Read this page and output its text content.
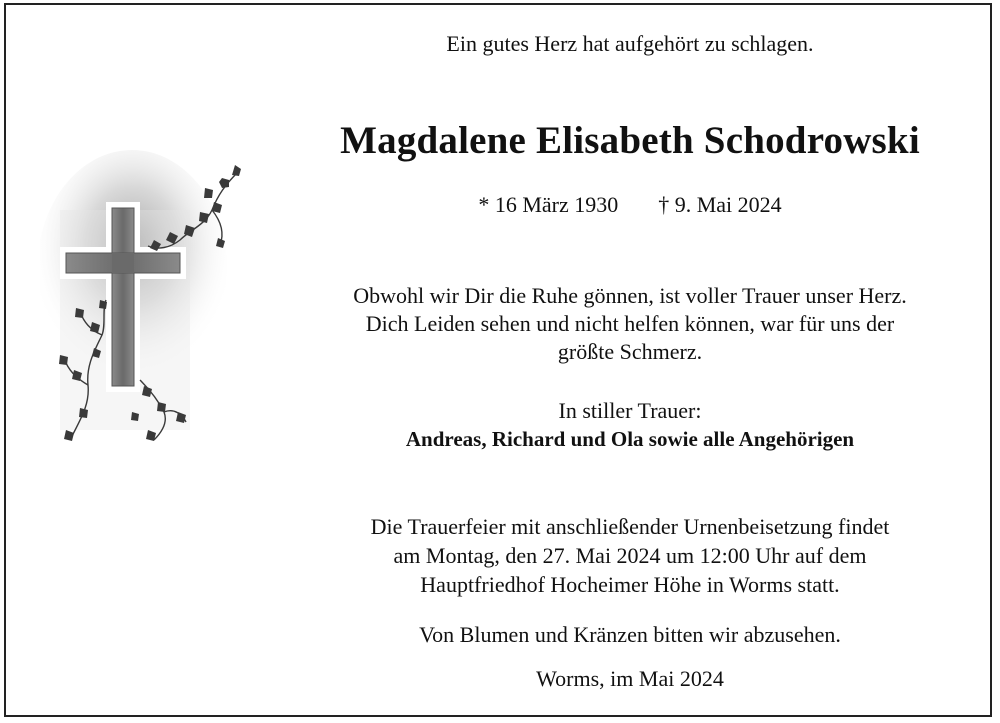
Ein gutes Herz hat aufgehört zu schlagen.
Magdalene Elisabeth Schodrowski
* 16 März 1930 † 9. Mai 2024
Obwohl wir Dir die Ruhe gönnen, ist voller Trauer unser Herz.
Dich Leiden sehen und nicht helfen können, war für uns der
größte Schmerz.
In stiller Trauer:
Andreas, Richard und Ola sowie alle Angehörigen
Die Trauerfeier mit anschließender Urnenbeisetzung findet
am Montag, den 27. Mai 2024 um 12:00 Uhr auf dem
Hauptfriedhof Hocheimer Höhe in Worms statt.
Von Blumen und Kränzen bitten wir abzusehen.
Worms, im Mai 2024
